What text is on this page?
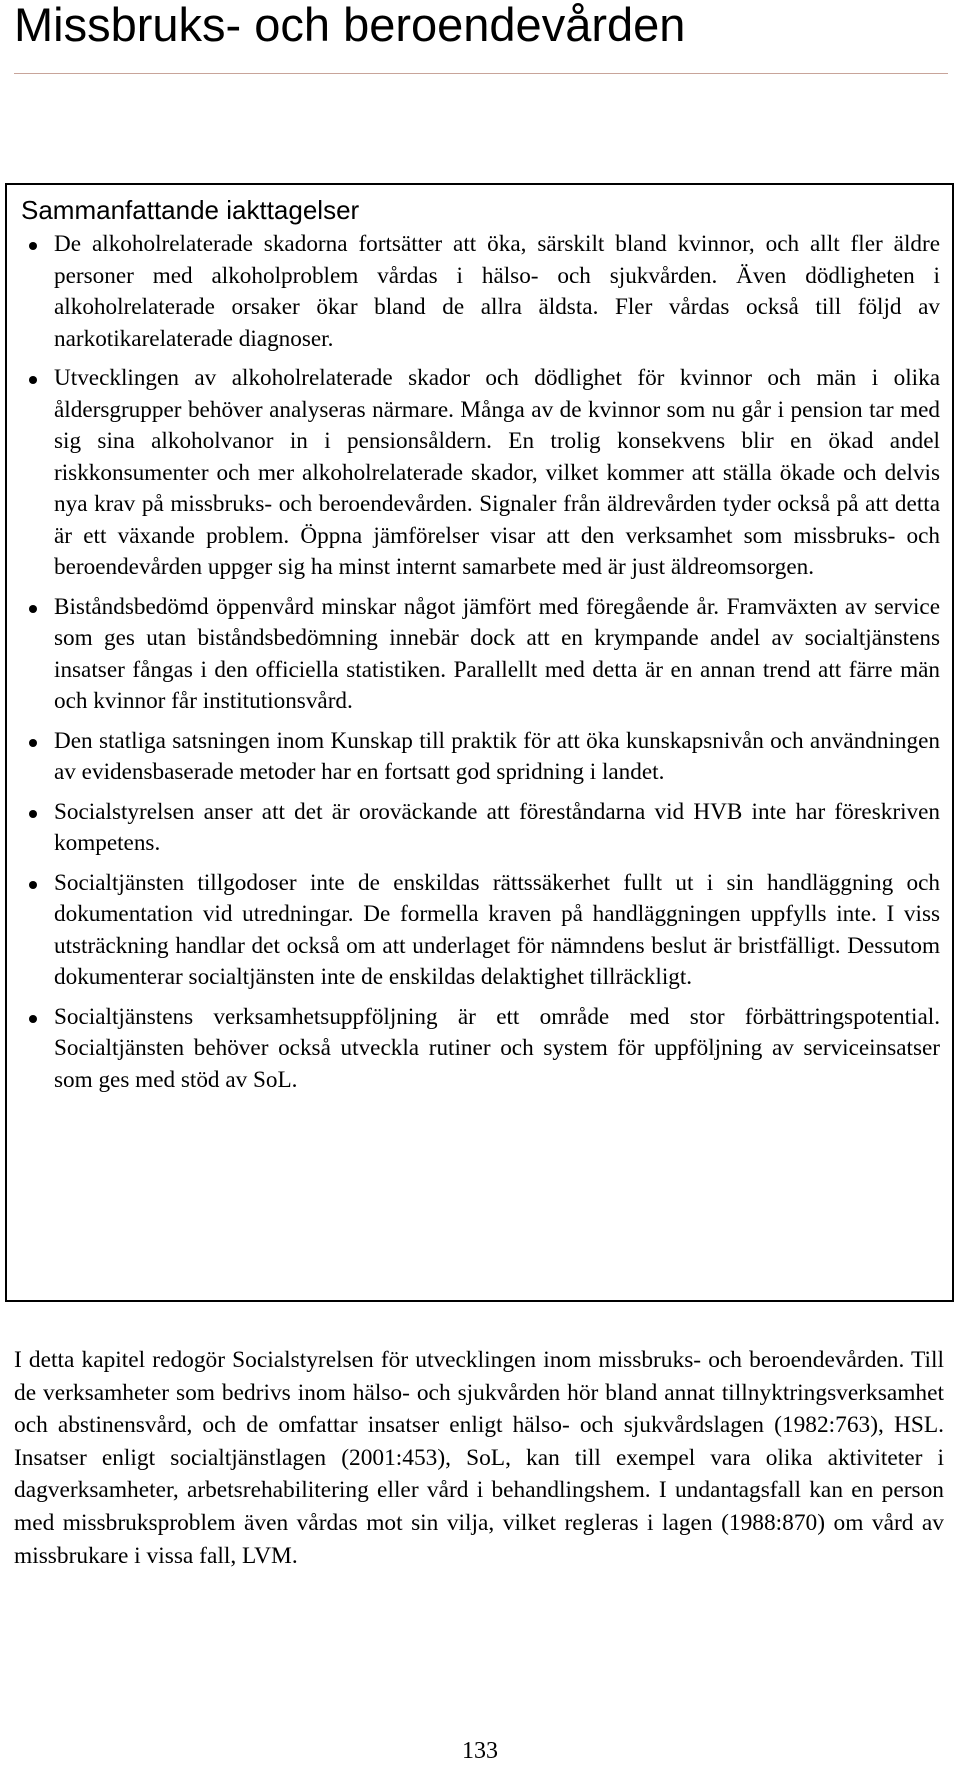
Missbruks- och beroendevården
Sammanfattande iakttagelser
De alkoholrelaterade skadorna fortsätter att öka, särskilt bland kvinnor, och allt fler äldre personer med alkoholproblem vårdas i hälso- och sjukvården. Även dödligheten i alkoholrelaterade orsaker ökar bland de allra äldsta. Fler vårdas också till följd av narkotikarelaterade diagnoser.
Utvecklingen av alkoholrelaterade skador och dödlighet för kvinnor och män i olika åldersgrupper behöver analyseras närmare. Många av de kvinnor som nu går i pension tar med sig sina alkoholvanor in i pensionsåldern. En trolig konsekvens blir en ökad andel riskkonsumenter och mer alkoholrelaterade skador, vilket kommer att ställa ökade och delvis nya krav på missbruks- och beroendevården. Signaler från äldrevården tyder också på att detta är ett växande problem. Öppna jämförelser visar att den verksamhet som missbruks- och beroendevården uppger sig ha minst internt samarbete med är just äldreomsorgen.
Biståndsbedömd öppenvård minskar något jämfört med föregående år. Framväxten av service som ges utan biståndsbedömning innebär dock att en krympande andel av socialtjänstens insatser fångas i den officiella statistiken. Parallellt med detta är en annan trend att färre män och kvinnor får institutionsvård.
Den statliga satsningen inom Kunskap till praktik för att öka kunskapsnivån och användningen av evidensbaserade metoder har en fortsatt god spridning i landet.
Socialstyrelsen anser att det är oroväckande att föreståndarna vid HVB inte har föreskriven kompetens.
Socialtjänsten tillgodoser inte de enskildas rättssäkerhet fullt ut i sin handläggning och dokumentation vid utredningar. De formella kraven på handläggningen uppfylls inte. I viss utsträckning handlar det också om att underlaget för nämndens beslut är bristfälligt. Dessutom dokumenterar socialtjänsten inte de enskildas delaktighet tillräckligt.
Socialtjänstens verksamhetsuppföljning är ett område med stor förbättringspotential. Socialtjänsten behöver också utveckla rutiner och system för uppföljning av serviceinsatser som ges med stöd av SoL.

I detta kapitel redogör Socialstyrelsen för utvecklingen inom missbruks- och beroendevården. Till de verksamheter som bedrivs inom hälso- och sjukvården hör bland annat tillnyktringsverksamhet och abstinensvård, och de omfattar insatser enligt hälso- och sjukvårdslagen (1982:763), HSL. Insatser enligt socialtjänstlagen (2001:453), SoL, kan till exempel vara olika aktiviteter i dagverksamheter, arbetsrehabilitering eller vård i behandlingshem. I undantagsfall kan en person med missbruksproblem även vårdas mot sin vilja, vilket regleras i lagen (1988:870) om vård av missbrukare i vissa fall, LVM.

133
